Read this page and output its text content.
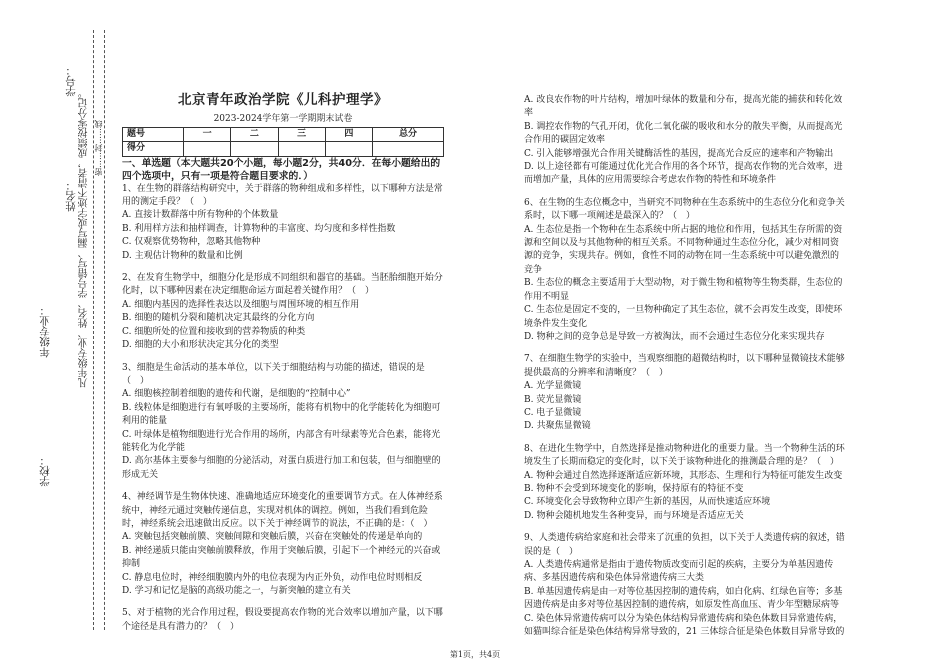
学校：
年级专业：
姓名：
学号：
凡年级专业、姓名、学号错写、漏写或字迹不清者，成绩按零分记。 密……封……线
北京青年政治学院《儿科护理学》
2023-2024学年第一学期期末试卷
题号	一	二	三	四	总分
得分					

一、单选题（本大题共20个小题，每小题2分，共40分．在每小题给出的四个选项中，只有一项是符合题目要求的．）

1、在生物的群落结构研究中，关于群落的物种组成和多样性，以下哪种方法是常用的测定手段？（　）

A. 直接计数群落中所有物种的个体数量

B. 利用样方法和抽样调查，计算物种的丰富度、均匀度和多样性指数

C. 仅观察优势物种，忽略其他物种

D. 主观估计物种的数量和比例

2、在发育生物学中，细胞分化是形成不同组织和器官的基础。当胚胎细胞开始分化时，以下哪种因素在决定细胞命运方面起着关键作用？（　）

A. 细胞内基因的选择性表达以及细胞与周围环境的相互作用

B. 细胞的随机分裂和随机决定其最终的分化方向

C. 细胞所处的位置和接收到的营养物质的种类

D. 细胞的大小和形状决定其分化的类型

3、细胞是生命活动的基本单位，以下关于细胞结构与功能的描述，错误的是（　）

A. 细胞核控制着细胞的遗传和代谢，是细胞的“控制中心”

B. 线粒体是细胞进行有氧呼吸的主要场所，能将有机物中的化学能转化为细胞可利用的能量

C. 叶绿体是植物细胞进行光合作用的场所，内部含有叶绿素等光合色素，能将光能转化为化学能

D. 高尔基体主要参与细胞的分泌活动，对蛋白质进行加工和包装，但与细胞壁的形成无关

4、神经调节是生物体快速、准确地适应环境变化的重要调节方式。在人体神经系统中，神经元通过突触传递信息，实现对机体的调控。例如，当我们看到危险时，神经系统会迅速做出反应。以下关于神经调节的说法，不正确的是：（　）

A. 突触包括突触前膜、突触间隙和突触后膜，兴奋在突触处的传递是单向的

B. 神经递质只能由突触前膜释放，作用于突触后膜，引起下一个神经元的兴奋或抑制

C. 静息电位时，神经细胞膜内外的电位表现为内正外负，动作电位时则相反

D. 学习和记忆是脑的高级功能之一，与新突触的建立有关

5、对于植物的光合作用过程，假设要提高农作物的光合效率以增加产量，以下哪个途径是具有潜力的？（　）

A. 改良农作物的叶片结构，增加叶绿体的数量和分布，提高光能的捕获和转化效率

B. 调控农作物的气孔开闭，优化二氧化碳的吸收和水分的散失平衡，从而提高光合作用的碳固定效率

C. 引入能够增强光合作用关键酶活性的基因，提高光合反应的速率和产物输出

D. 以上途径都有可能通过优化光合作用的各个环节，提高农作物的光合效率，进而增加产量，具体的应用需要综合考虑农作物的特性和环境条件

6、在生物的生态位概念中，当研究不同物种在生态系统中的生态位分化和竞争关系时，以下哪一项阐述是最深入的？（　）

A. 生态位是指一个物种在生态系统中所占据的地位和作用，包括其生存所需的资源和空间以及与其他物种的相互关系。不同物种通过生态位分化，减少对相同资源的竞争，实现共存。例如，食性不同的动物在同一生态系统中可以避免激烈的竞争

B. 生态位的概念主要适用于大型动物，对于微生物和植物等生物类群，生态位的作用不明显

C. 生态位是固定不变的，一旦物种确定了其生态位，就不会再发生改变，即使环境条件发生变化

D. 物种之间的竞争总是导致一方被淘汰，而不会通过生态位分化来实现共存

7、在细胞生物学的实验中，当观察细胞的超微结构时，以下哪种显微镜技术能够提供最高的分辨率和清晰度？（　）

A. 光学显微镜

B. 荧光显微镜

C. 电子显微镜

D. 共聚焦显微镜

8、在进化生物学中，自然选择是推动物种进化的重要力量。当一个物种生活的环境发生了长期而稳定的变化时，以下关于该物种进化的推测最合理的是？（　）

A. 物种会通过自然选择逐渐适应新环境，其形态、生理和行为特征可能发生改变

B. 物种不会受到环境变化的影响，保持原有的特征不变

C. 环境变化会导致物种立即产生新的基因，从而快速适应环境

D. 物种会随机地发生各种变异，而与环境是否适应无关

9、人类遗传病给家庭和社会带来了沉重的负担，以下关于人类遗传病的叙述，错误的是（　）

A. 人类遗传病通常是指由于遗传物质改变而引起的疾病，主要分为单基因遗传病、多基因遗传病和染色体异常遗传病三大类

B. 单基因遗传病是由一对等位基因控制的遗传病，如白化病、红绿色盲等；多基因遗传病是由多对等位基因控制的遗传病，如原发性高血压、青少年型糖尿病等

C. 染色体异常遗传病可以分为染色体结构异常遗传病和染色体数目异常遗传病，如猫叫综合征是染色体结构异常导致的，21 三体综合征是染色体数目异常导致的

第1页，共4页
